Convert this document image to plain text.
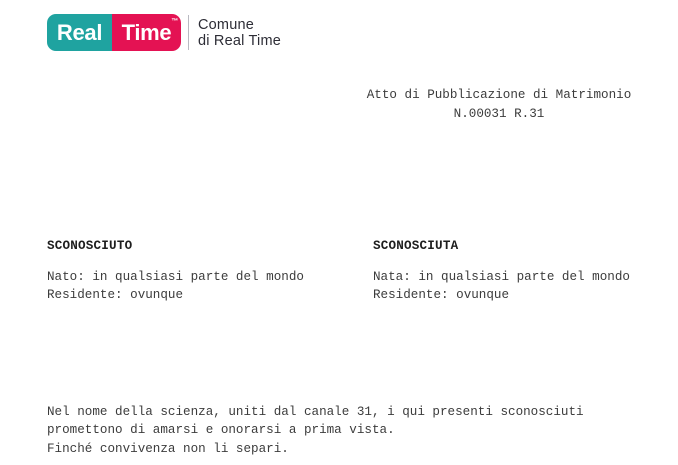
Real Time ™ Comune
di Real Time
Atto di Pubblicazione di Matrimonio
N.00031 R.31
SCONOSCIUTO
Nato: in qualsiasi parte del mondo
Residente: ovunque
SCONOSCIUTA
Nata: in qualsiasi parte del mondo
Residente: ovunque
Nel nome della scienza, uniti dal canale 31, i qui presenti sconosciuti
promettono di amarsi e onorarsi a prima vista.
Finché convivenza non li separi.
